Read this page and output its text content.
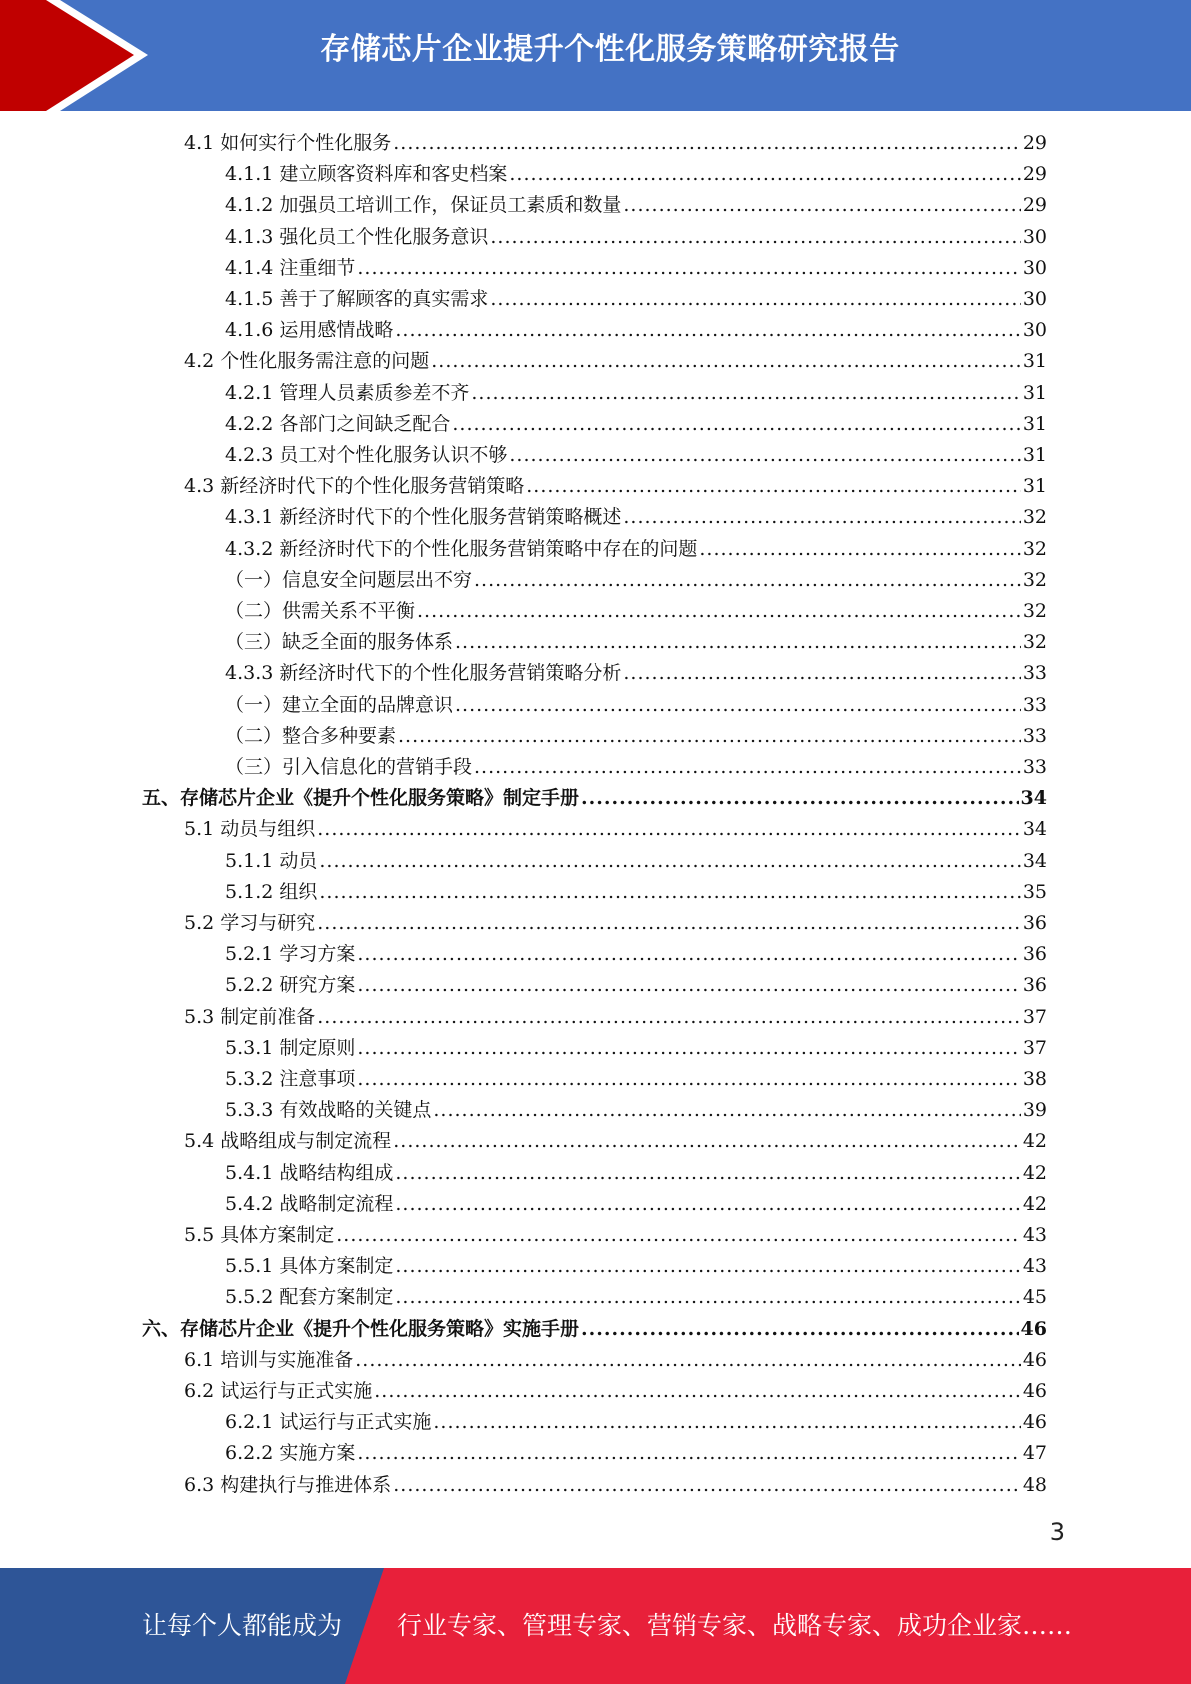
存储芯片企业提升个性化服务策略研究报告
4.1 如何实行个性化服务 .....	29
4.1.1 建立顾客资料库和客史档案 .....	29
4.1.2 加强员工培训工作，保证员工素质和数量 .....	29
4.1.3 强化员工个性化服务意识 .....	30
4.1.4 注重细节 .....	30
4.1.5 善于了解顾客的真实需求 .....	30
4.1.6 运用感情战略 .....	30
4.2 个性化服务需注意的问题 .....	31
4.2.1 管理人员素质参差不齐 .....	31
4.2.2 各部门之间缺乏配合 .....	31
4.2.3 员工对个性化服务认识不够 .....	31
4.3 新经济时代下的个性化服务营销策略 .....	31
4.3.1 新经济时代下的个性化服务营销策略概述 .....	32
4.3.2 新经济时代下的个性化服务营销策略中存在的问题 .....	32
（一）信息安全问题层出不穷 .....	32
（二）供需关系不平衡 .....	32
（三）缺乏全面的服务体系 .....	32
4.3.3 新经济时代下的个性化服务营销策略分析 .....	33
（一）建立全面的品牌意识 .....	33
（二）整合多种要素 .....	33
（三）引入信息化的营销手段 .....	33
五、存储芯片企业《提升个性化服务策略》制定手册 .....	34
5.1 动员与组织 .....	34
5.1.1 动员 .....	34
5.1.2 组织 .....	35
5.2 学习与研究 .....	36
5.2.1 学习方案 .....	36
5.2.2 研究方案 .....	36
5.3 制定前准备 .....	37
5.3.1 制定原则 .....	37
5.3.2 注意事项 .....	38
5.3.3 有效战略的关键点 .....	39
5.4 战略组成与制定流程 .....	42
5.4.1 战略结构组成 .....	42
5.4.2 战略制定流程 .....	42
5.5 具体方案制定 .....	43
5.5.1 具体方案制定 .....	43
5.5.2 配套方案制定 .....	45
六、存储芯片企业《提升个性化服务策略》实施手册 .....	46
6.1 培训与实施准备 .....	46
6.2 试运行与正式实施 .....	46
6.2.1 试运行与正式实施 .....	46
6.2.2 实施方案 .....	47
6.3 构建执行与推进体系 .....	48
3
让每个人都能成为 行业专家、管理专家、营销专家、战略专家、成功企业家……
